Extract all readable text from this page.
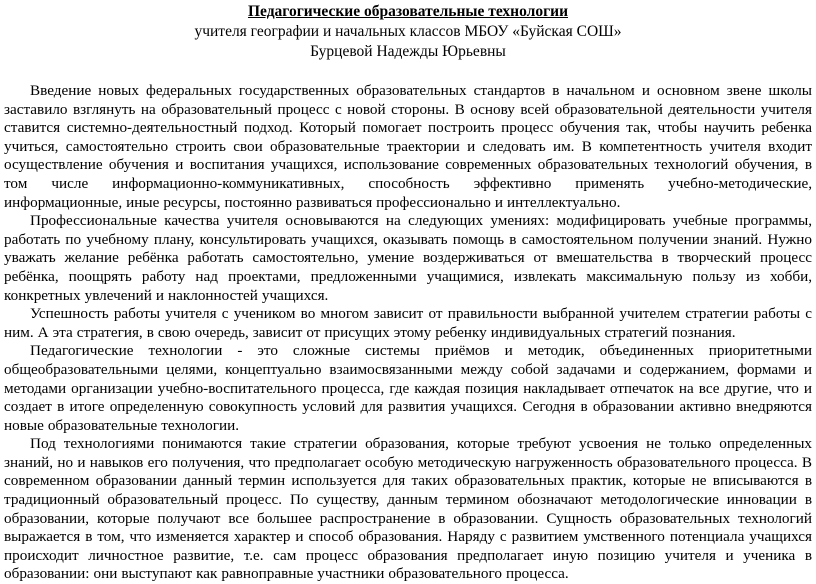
Педагогические образовательные технологии
учителя географии и начальных классов МБОУ «Буйская СОШ»
Бурцевой Надежды Юрьевны

Введение новых федеральных государственных образовательных стандартов в начальном и основном звене школы заставило взглянуть на образовательный процесс с новой стороны. В основу всей образовательной деятельности учителя ставится системно-деятельностный подход. Который помогает построить процесс обучения так, чтобы научить ребенка учиться, самостоятельно строить свои образовательные траектории и следовать им. В компетентность учителя входит осуществление обучения и воспитания учащихся, использование современных образовательных технологий обучения, в том числе информационно-коммуникативных, способность эффективно применять учебно-методические, информационные, иные ресурсы, постоянно развиваться профессионально и интеллектуально.

Профессиональные качества учителя основываются на следующих умениях: модифицировать учебные программы, работать по учебному плану, консультировать учащихся, оказывать помощь в самостоятельном получении знаний. Нужно уважать желание ребёнка работать самостоятельно, умение воздерживаться от вмешательства в творческий процесс ребёнка, поощрять работу над проектами, предложенными учащимися, извлекать максимальную пользу из хобби, конкретных увлечений и наклонностей учащихся.

Успешность работы учителя с учеником во многом зависит от правильности выбранной учителем стратегии работы с ним. А эта стратегия, в свою очередь, зависит от присущих этому ребенку индивидуальных стратегий познания.

Педагогические технологии - это сложные системы приёмов и методик, объединенных приоритетными общеобразовательными целями, концептуально взаимосвязанными между собой задачами и содержанием, формами и методами организации учебно-воспитательного процесса, где каждая позиция накладывает отпечаток на все другие, что и создает в итоге определенную совокупность условий для развития учащихся. Сегодня в образовании активно внедряются новые образовательные технологии.

Под технологиями понимаются такие стратегии образования, которые требуют усвоения не только определенных знаний, но и навыков его получения, что предполагает особую методическую нагруженность образовательного процесса. В современном образовании данный термин используется для таких образовательных практик, которые не вписываются в традиционный образовательный процесс. По существу, данным термином обозначают методологические инновации в образовании, которые получают все большее распространение в образовании. Сущность образовательных технологий выражается в том, что изменяется характер и способ образования. Наряду с развитием умственного потенциала учащихся происходит личностное развитие, т.е. сам процесс образования предполагает иную позицию учителя и ученика в образовании: они выступают как равноправные участники образовательного процесса.
